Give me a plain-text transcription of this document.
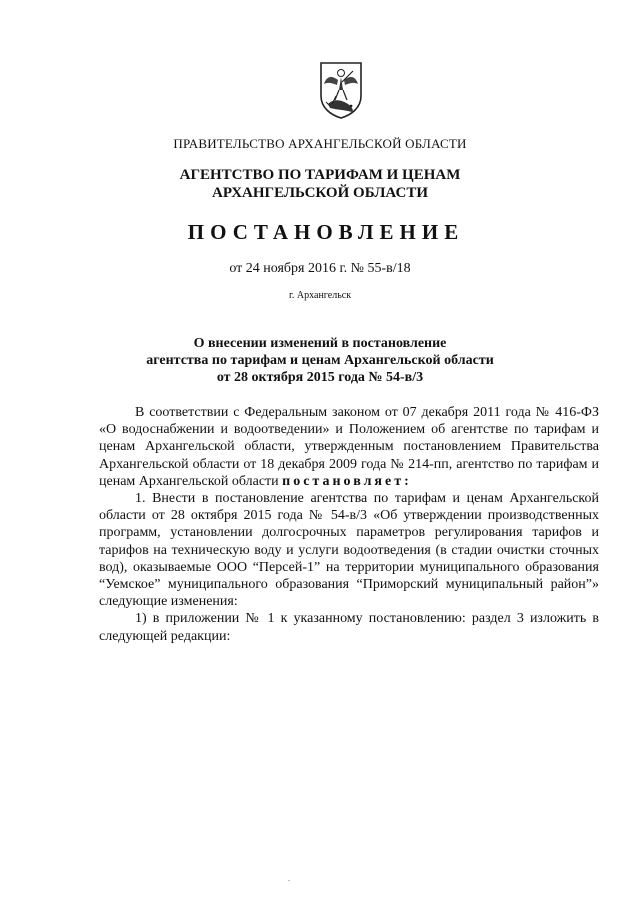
ПРАВИТЕЛЬСТВО АРХАНГЕЛЬСКОЙ ОБЛАСТИ
АГЕНТСТВО ПО ТАРИФАМ И ЦЕНАМ
АРХАНГЕЛЬСКОЙ ОБЛАСТИ
ПОСТАНОВЛЕНИЕ
от 24 ноября 2016 г. № 55-в/18
г. Архангельск
О внесении изменений в постановление
агентства по тарифам и ценам Архангельской области
от 28 октября 2015 года № 54-в/3

В соответствии с Федеральным законом от 07 декабря 2011 года № 416-ФЗ «О водоснабжении и водоотведении» и Положением об агентстве по тарифам и ценам Архангельской области, утвержденным постановлением Правительства Архангельской области от 18 декабря 2009 года № 214-пп, агентство по тарифам и ценам Архангельской области постановляет:

1. Внести в постановление агентства по тарифам и ценам Архангельской области от 28 октября 2015 года № 54-в/3 «Об утверждении производственных программ, установлении долгосрочных параметров регулирования тарифов и тарифов на техническую воду и услуги водоотведения (в стадии очистки сточных вод), оказываемые ООО “Персей-1” на территории муниципального образования “Уемское” муниципального образования “Приморский муниципальный район”» следующие изменения:

1) в приложении № 1 к указанному постановлению: раздел 3 изложить в следующей редакции:

.
